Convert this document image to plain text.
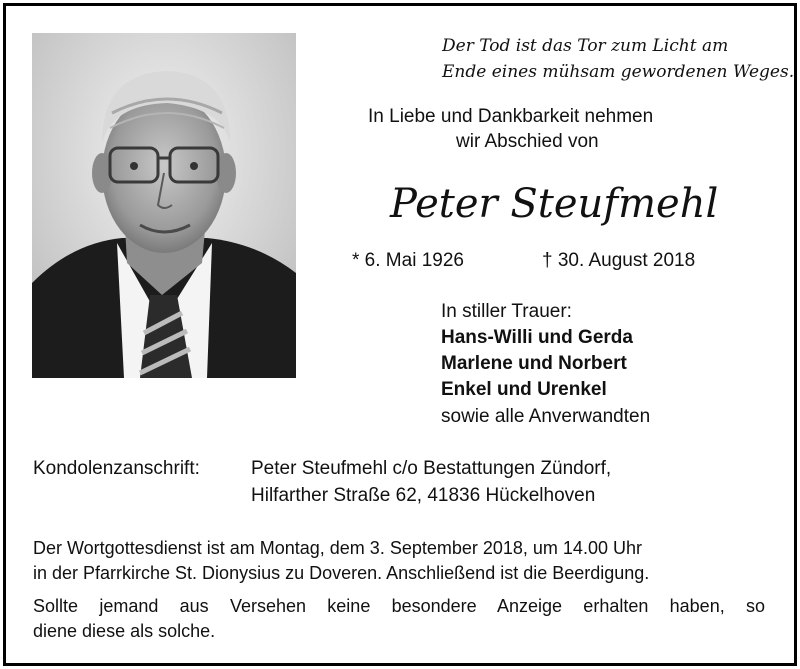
Der Tod ist das Tor zum Licht am
Ende eines mühsam gewordenen Weges.
In Liebe und Dankbarkeit nehmen
wir Abschied von
Peter Steufmehl
* 6. Mai 1926	† 30. August 2018
In stiller Trauer:
Hans-Willi und Gerda
Marlene und Norbert
Enkel und Urenkel
sowie alle Anverwandten
Kondolenzanschrift:	Peter Steufmehl c/o Bestattungen Zündorf,
Hilfarther Straße 62, 41836 Hückelhoven
Der Wortgottesdienst ist am Montag, dem 3. September 2018, um 14.00 Uhr
in der Pfarrkirche St. Dionysius zu Doveren. Anschließend ist die Beerdigung.
Sollte jemand aus Versehen keine besondere Anzeige erhalten haben, so
diene diese als solche.
